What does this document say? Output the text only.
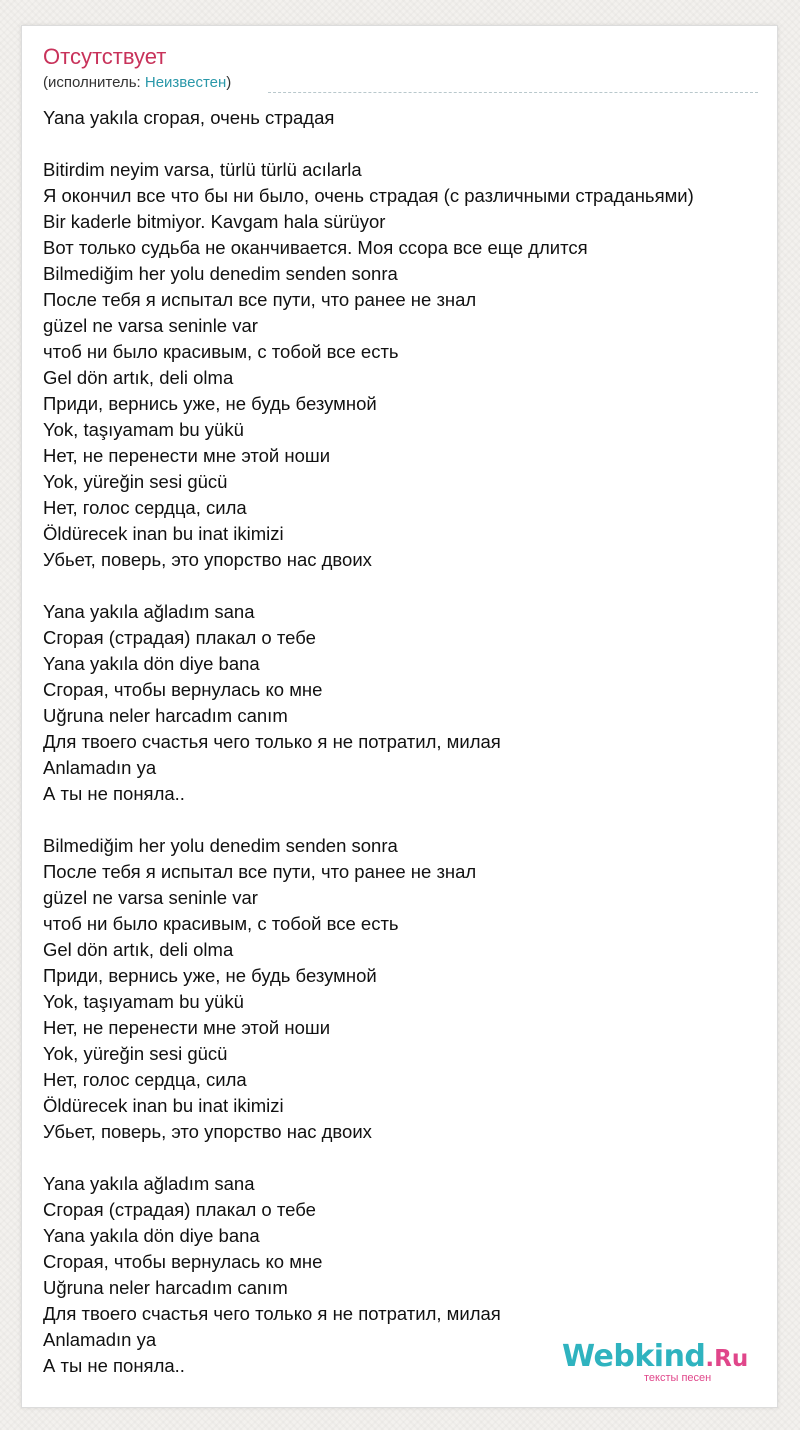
Отсутствует
(исполнитель: Неизвестен)
Yana yakıla сгорая, очень страдая
Bitirdim neyim varsa, türlü türlü acılarla
Я окончил все что бы ни было, очень страдая (с различными страданьями)
Bir kaderle bitmiyor. Kavgam hala sürüyor
Вот только судьба не оканчивается. Моя ссора все еще длится
Bilmediğim her yolu denedim senden sonra
После тебя я испытал все пути, что ранее не знал
güzel ne varsa seninle var
чтоб ни было красивым, с тобой все есть
Gel dön artık, deli olma
Приди, вернись уже, не будь безумной
Yok, taşıyamam bu yükü
Нет, не перенести мне этой ноши
Yok, yüreğin sesi gücü
Нет, голос сердца, сила
Öldürecek inan bu inat ikimizi
Убьет, поверь, это упорство нас двоих
Yana yakıla ağladım sana
Сгорая (страдая) плакал о тебе
Yana yakıla dön diye bana
Сгорая, чтобы вернулась ко мне
Uğruna neler harcadım canım
Для твоего счастья чего только я не потратил, милая
Anlamadın ya
А ты не поняла..
Bilmediğim her yolu denedim senden sonra
После тебя я испытал все пути, что ранее не знал
güzel ne varsa seninle var
чтоб ни было красивым, с тобой все есть
Gel dön artık, deli olma
Приди, вернись уже, не будь безумной
Yok, taşıyamam bu yükü
Нет, не перенести мне этой ноши
Yok, yüreğin sesi gücü
Нет, голос сердца, сила
Öldürecek inan bu inat ikimizi
Убьет, поверь, это упорство нас двоих
Yana yakıla ağladım sana
Сгорая (страдая) плакал о тебе
Yana yakıla dön diye bana
Сгорая, чтобы вернулась ко мне
Uğruna neler harcadım canım
Для твоего счастья чего только я не потратил, милая
Anlamadın ya
А ты не поняла..	Webkind.Ru
тексты песен
